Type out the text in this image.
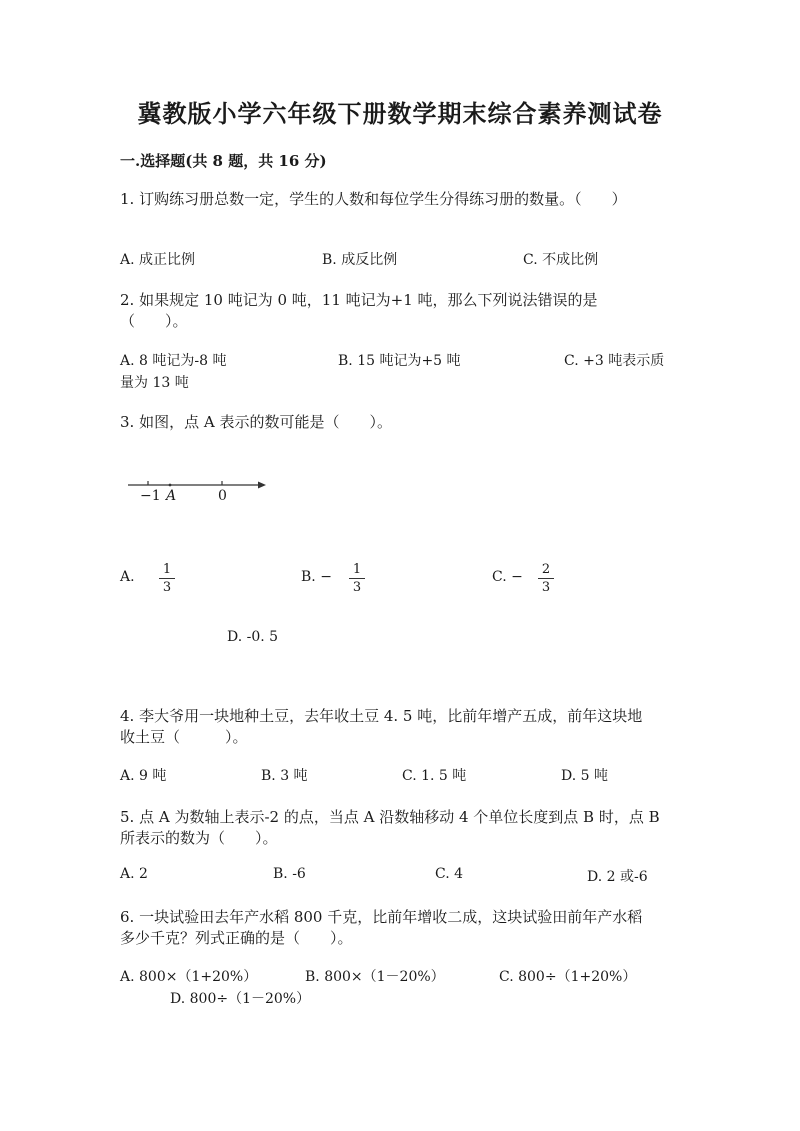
冀教版小学六年级下册数学期末综合素养测试卷
一.选择题(共 8 题，共 16 分)
1. 订购练习册总数一定，学生的人数和每位学生分得练习册的数量。（　　）
A. 成正比例	B. 成反比例	C. 不成比例
2. 如果规定 10 吨记为 0 吨，11 吨记为+1 吨，那么下列说法错误的是
（　　）。
A. 8 吨记为-8 吨	B. 15 吨记为+5 吨	C. +3 吨表示质
量为 13 吨
3. 如图，点 A 表示的数可能是（　　）。
−1 A	0
A. $\frac{1}{3}$	B. − $\frac{1}{3}$	C. − $\frac{2}{3}$
D. -0. 5
4. 李大爷用一块地种土豆，去年收土豆 4. 5 吨，比前年增产五成，前年这块地
收土豆（　　　）。
A. 9 吨	B. 3 吨	C. 1. 5 吨	D. 5 吨
5. 点 A 为数轴上表示-2 的点，当点 A 沿数轴移动 4 个单位长度到点 B 时，点 B
所表示的数为（　　）。
A. 2	B. -6	C. 4	D. 2 或-6
6. 一块试验田去年产水稻 800 千克，比前年增收二成，这块试验田前年产水稻
多少千克？列式正确的是（　　）。
A. 800×（1+20%）	B. 800×（1－20%）	C. 800÷（1+20%）
D. 800÷（1－20%）
